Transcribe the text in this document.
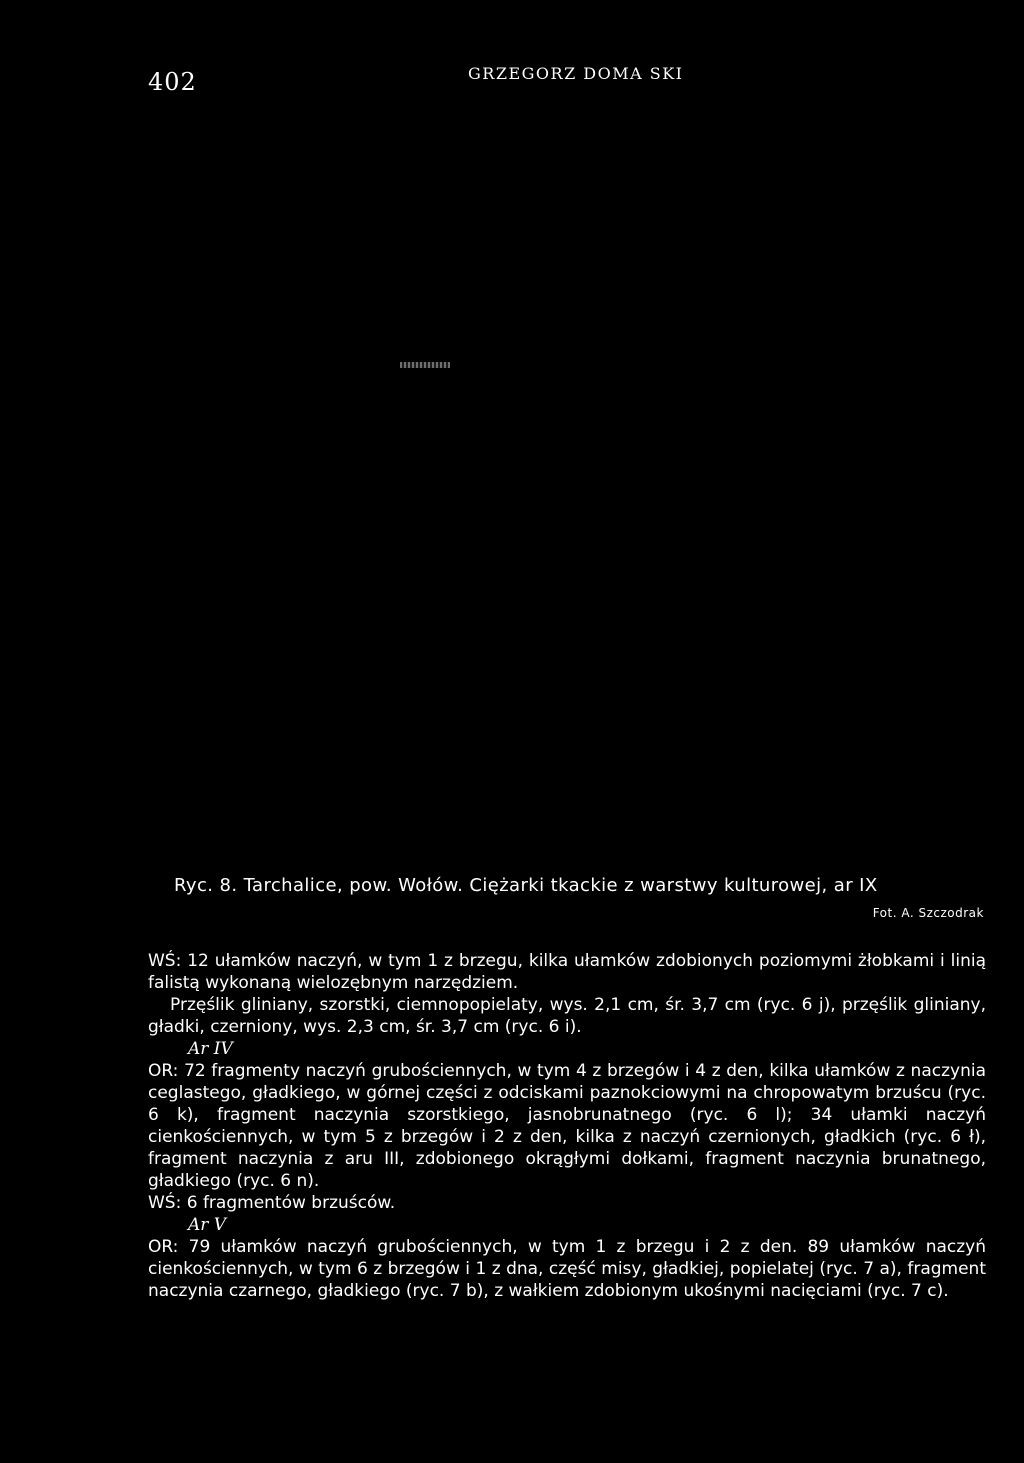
402	GRZEGORZ DOMA SKI
Ryc. 8. Tarchalice, pow. Wołów. Ciężarki tkackie z warstwy kulturowej, ar IX
Fot. A. Szczodrak

WŚ: 12 ułamków naczyń, w tym 1 z brzegu, kilka ułamków zdobionych poziomymi żłobkami i linią falistą wykonaną wielozębnym narzędziem.

Przęślik gliniany, szorstki, ciemnopopielaty, wys. 2,1 cm, śr. 3,7 cm (ryc. 6 j), przęślik gliniany, gładki, czerniony, wys. 2,3 cm, śr. 3,7 cm (ryc. 6 i).

Ar IV

OR: 72 fragmenty naczyń grubościennych, w tym 4 z brzegów i 4 z den, kilka ułamków z naczynia ceglastego, gładkiego, w górnej części z odciskami paznokciowymi na chropowatym brzuścu (ryc. 6 k), fragment naczynia szorstkiego, jasnobrunatnego (ryc. 6 l); 34 ułamki naczyń cienkościennych, w tym 5 z brzegów i 2 z den, kilka z naczyń czernionych, gładkich (ryc. 6 ł), fragment naczynia z aru III, zdobionego okrągłymi dołkami, fragment naczynia brunatnego, gładkiego (ryc. 6 n).

WŚ: 6 fragmentów brzuśców.

Ar V

OR: 79 ułamków naczyń grubościennych, w tym 1 z brzegu i 2 z den. 89 ułamków naczyń cienkościennych, w tym 6 z brzegów i 1 z dna, część misy, gładkiej, popielatej (ryc. 7 a), fragment naczynia czarnego, gładkiego (ryc. 7 b), z wałkiem zdobionym ukośnymi nacięciami (ryc. 7 c).
